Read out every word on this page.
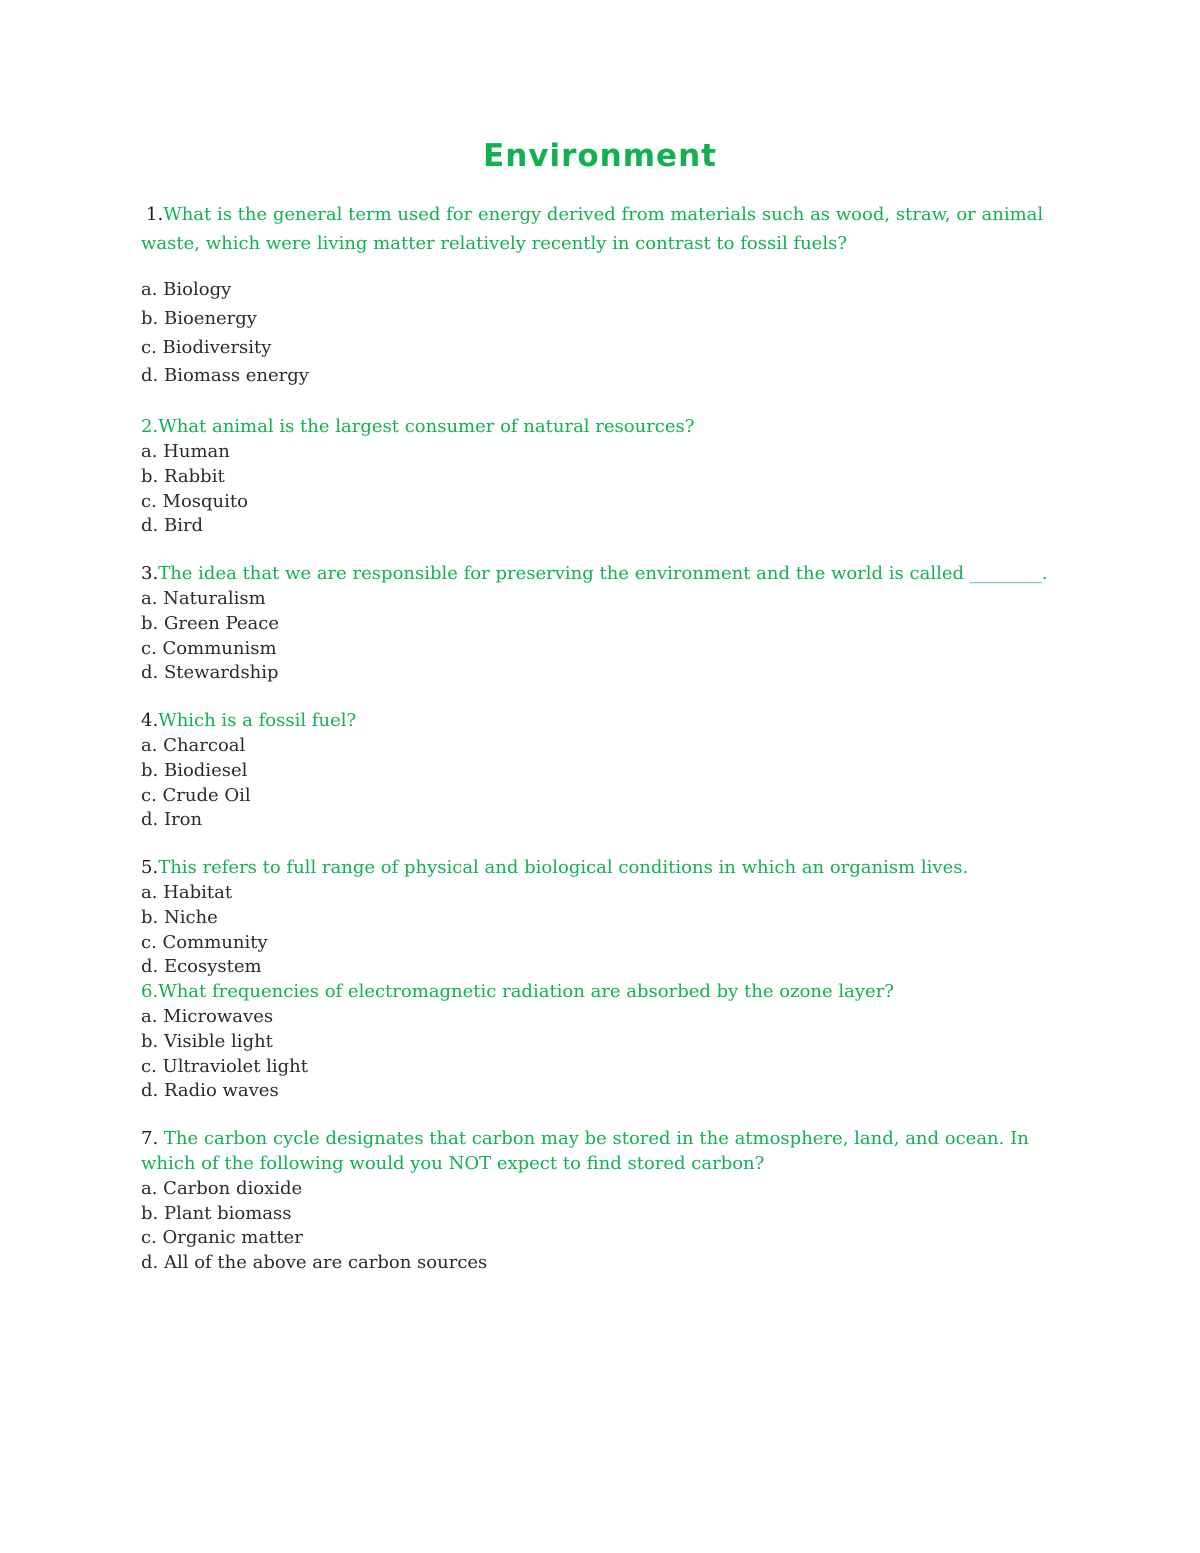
Environment

1.What is the general term used for energy derived from materials such as wood, straw, or animal waste, which were living matter relatively recently in contrast to fossil fuels?

a. Biology
b. Bioenergy
c. Biodiversity
d. Biomass energy

2.What animal is the largest consumer of natural resources?

a. Human
b. Rabbit
c. Mosquito
d. Bird

3.The idea that we are responsible for preserving the environment and the world is called ________.

a. Naturalism
b. Green Peace
c. Communism
d. Stewardship

4.Which is a fossil fuel?

a. Charcoal
b. Biodiesel
c. Crude Oil
d. Iron

5.This refers to full range of physical and biological conditions in which an organism lives.

a. Habitat
b. Niche
c. Community
d. Ecosystem

6.What frequencies of electromagnetic radiation are absorbed by the ozone layer?

a. Microwaves
b. Visible light
c. Ultraviolet light
d. Radio waves

7. The carbon cycle designates that carbon may be stored in the atmosphere, land, and ocean. In which of the following would you NOT expect to find stored carbon?

a. Carbon dioxide
b. Plant biomass
c. Organic matter
d. All of the above are carbon sources
